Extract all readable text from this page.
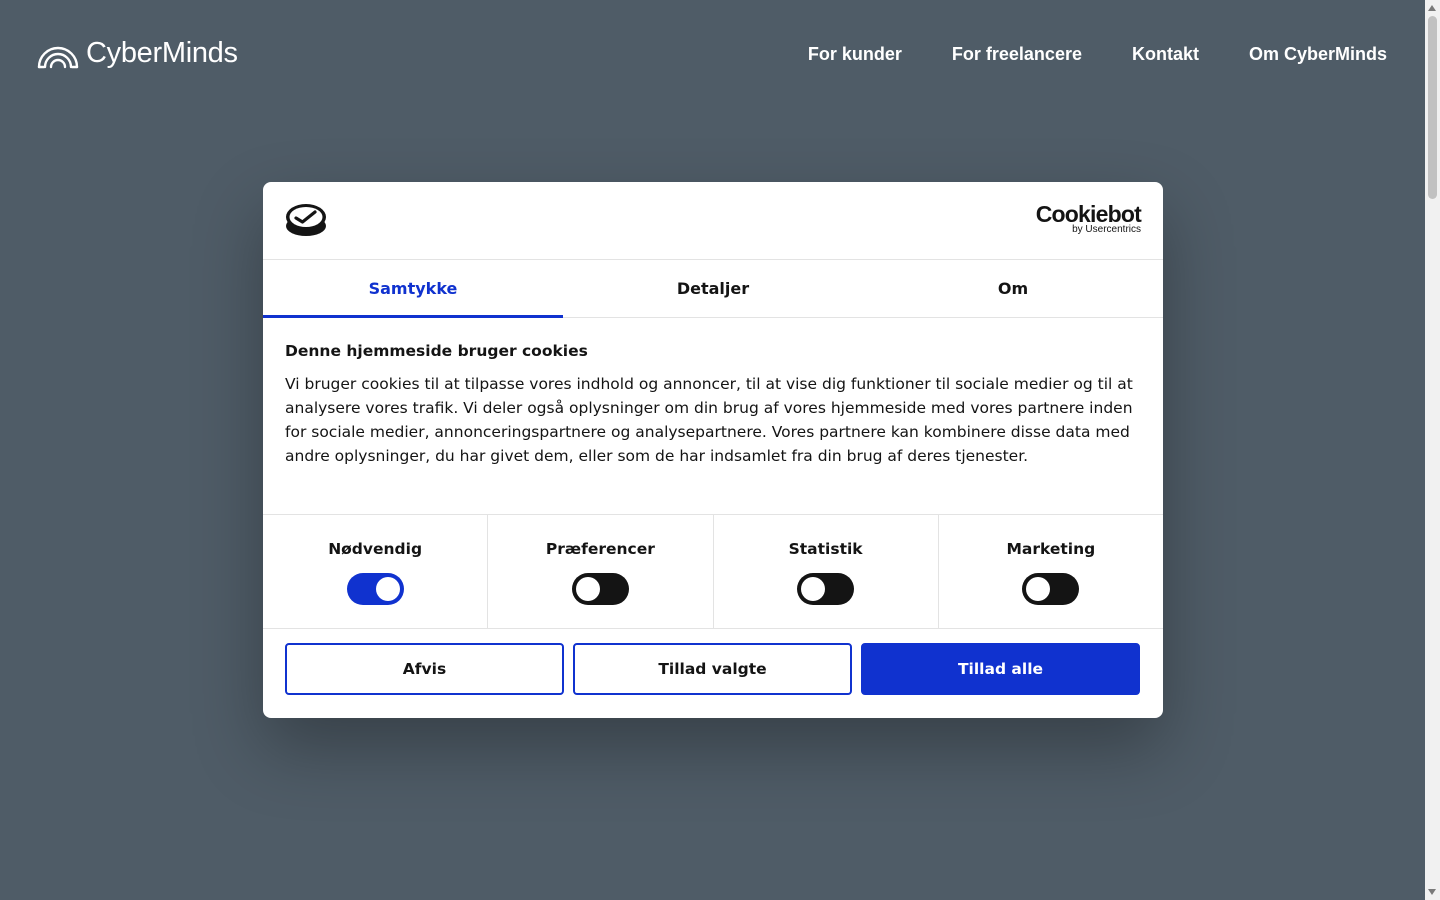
CyberMinds	For kunder	For freelancere	Kontakt	Om CyberMinds
Cookiebot
by Usercentrics
Samtykke	Detaljer	Om
Denne hjemmeside bruger cookies

Vi bruger cookies til at tilpasse vores indhold og annoncer, til at vise dig funktioner til sociale medier og til at analysere vores trafik. Vi deler også oplysninger om din brug af vores hjemmeside med vores partnere inden for sociale medier, annonceringspartnere og analysepartnere. Vores partnere kan kombinere disse data med andre oplysninger, du har givet dem, eller som de har indsamlet fra din brug af deres tjenester.

Nødvendig	Præferencer	Statistik	Marketing
Afvis	Tillad valgte	Tillad alle
